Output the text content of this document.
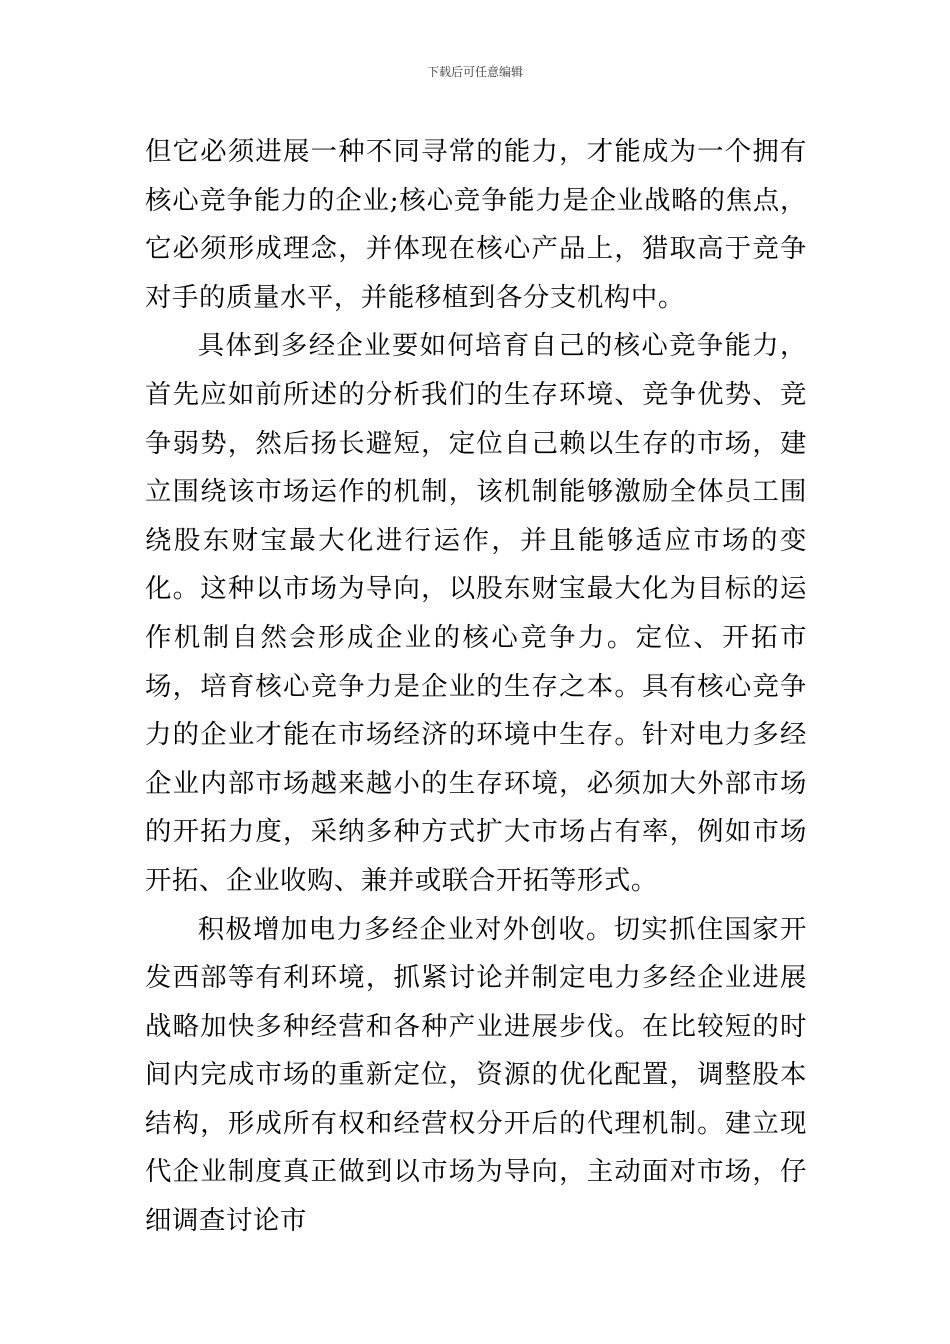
下载后可任意编辑

但它必须进展一种不同寻常的能力，才能成为一个拥有核心竞争能力的企业;核心竞争能力是企业战略的焦点，它必须形成理念，并体现在核心产品上，猎取高于竞争对手的质量水平，并能移植到各分支机构中。

具体到多经企业要如何培育自己的核心竞争能力，首先应如前所述的分析我们的生存环境、竞争优势、竞争弱势，然后扬长避短，定位自己赖以生存的市场，建立围绕该市场运作的机制，该机制能够激励全体员工围绕股东财宝最大化进行运作，并且能够适应市场的变化。这种以市场为导向，以股东财宝最大化为目标的运作机制自然会形成企业的核心竞争力。定位、开拓市场，培育核心竞争力是企业的生存之本。具有核心竞争力的企业才能在市场经济的环境中生存。针对电力多经企业内部市场越来越小的生存环境，必须加大外部市场的开拓力度，采纳多种方式扩大市场占有率，例如市场开拓、企业收购、兼并或联合开拓等形式。

积极增加电力多经企业对外创收。切实抓住国家开发西部等有利环境，抓紧讨论并制定电力多经企业进展战略加快多种经营和各种产业进展步伐。在比较短的时间内完成市场的重新定位，资源的优化配置，调整股本结构，形成所有权和经营权分开后的代理机制。建立现代企业制度真正做到以市场为导向，主动面对市场，仔细调查讨论市
